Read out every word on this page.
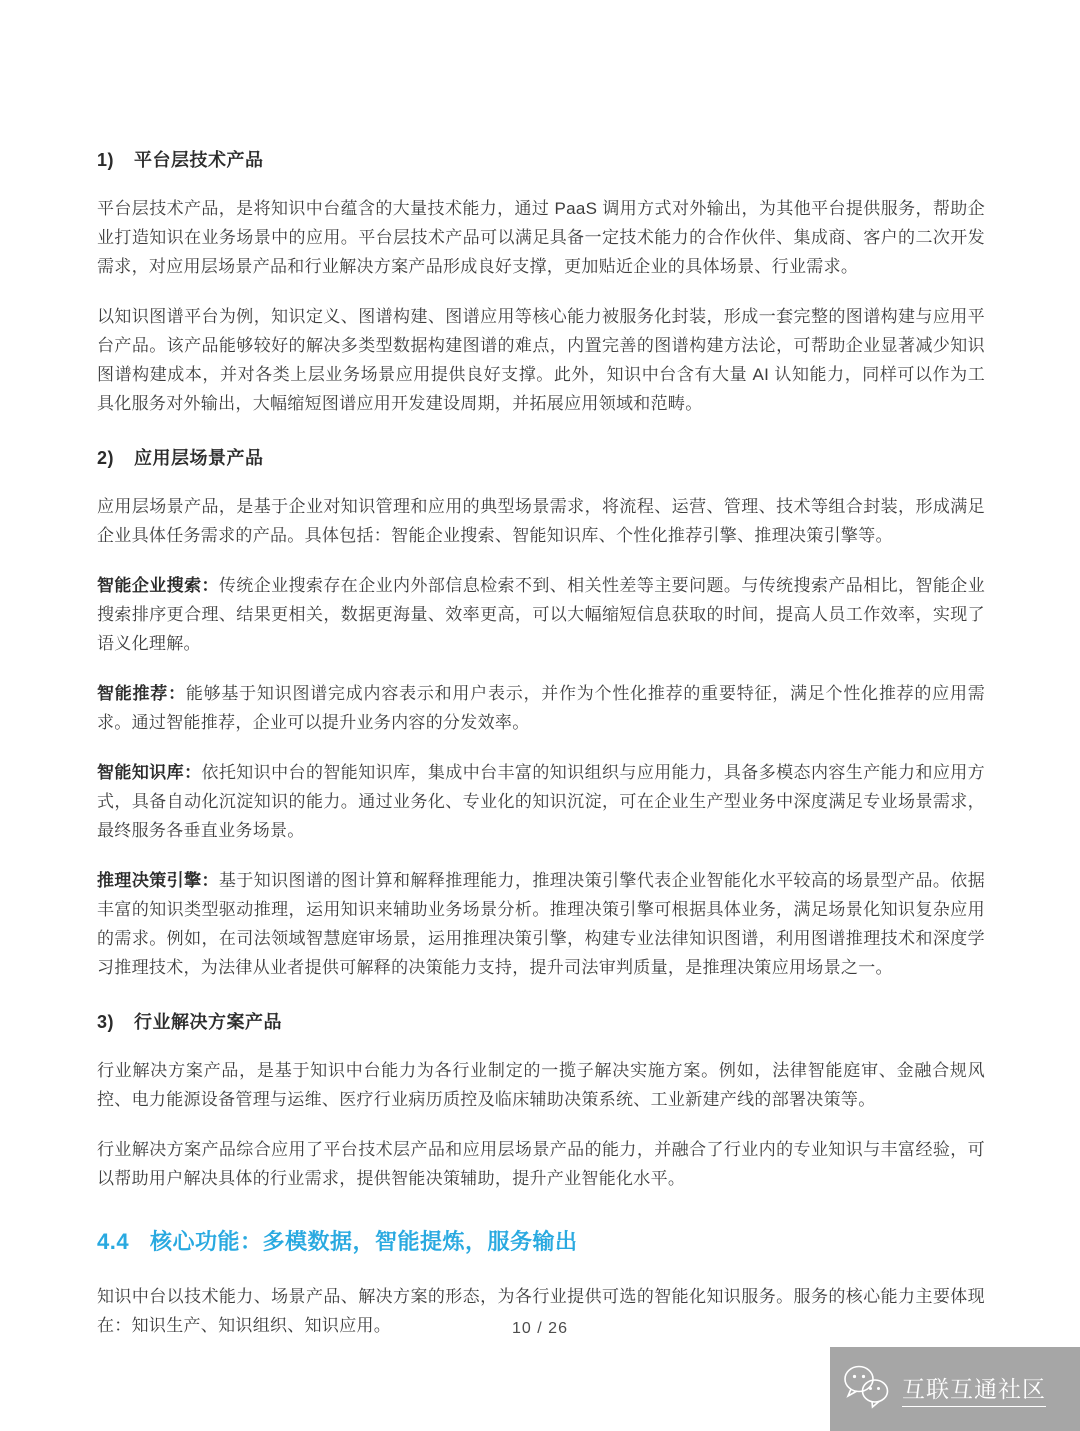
1) 平台层技术产品

平台层技术产品，是将知识中台蕴含的大量技术能力，通过 PaaS 调用方式对外输出，为其他平台提供服务，帮助企业打造知识在业务场景中的应用。平台层技术产品可以满足具备一定技术能力的合作伙伴、集成商、客户的二次开发需求，对应用层场景产品和行业解决方案产品形成良好支撑，更加贴近企业的具体场景、行业需求。

以知识图谱平台为例，知识定义、图谱构建、图谱应用等核心能力被服务化封装，形成一套完整的图谱构建与应用平台产品。该产品能够较好的解决多类型数据构建图谱的难点，内置完善的图谱构建方法论，可帮助企业显著减少知识图谱构建成本，并对各类上层业务场景应用提供良好支撑。此外，知识中台含有大量 AI 认知能力，同样可以作为工具化服务对外输出，大幅缩短图谱应用开发建设周期，并拓展应用领域和范畴。

2) 应用层场景产品

应用层场景产品，是基于企业对知识管理和应用的典型场景需求，将流程、运营、管理、技术等组合封装，形成满足企业具体任务需求的产品。具体包括：智能企业搜索、智能知识库、个性化推荐引擎、推理决策引擎等。

智能企业搜索：传统企业搜索存在企业内外部信息检索不到、相关性差等主要问题。与传统搜索产品相比，智能企业搜索排序更合理、结果更相关，数据更海量、效率更高，可以大幅缩短信息获取的时间，提高人员工作效率，实现了语义化理解。

智能推荐：能够基于知识图谱完成内容表示和用户表示，并作为个性化推荐的重要特征，满足个性化推荐的应用需求。通过智能推荐，企业可以提升业务内容的分发效率。

智能知识库：依托知识中台的智能知识库，集成中台丰富的知识组织与应用能力，具备多模态内容生产能力和应用方式，具备自动化沉淀知识的能力。通过业务化、专业化的知识沉淀，可在企业生产型业务中深度满足专业场景需求，最终服务各垂直业务场景。

推理决策引擎：基于知识图谱的图计算和解释推理能力，推理决策引擎代表企业智能化水平较高的场景型产品。依据丰富的知识类型驱动推理，运用知识来辅助业务场景分析。推理决策引擎可根据具体业务，满足场景化知识复杂应用的需求。例如，在司法领域智慧庭审场景，运用推理决策引擎，构建专业法律知识图谱，利用图谱推理技术和深度学习推理技术，为法律从业者提供可解释的决策能力支持，提升司法审判质量，是推理决策应用场景之一。

3) 行业解决方案产品

行业解决方案产品，是基于知识中台能力为各行业制定的一揽子解决实施方案。例如，法律智能庭审、金融合规风控、电力能源设备管理与运维、医疗行业病历质控及临床辅助决策系统、工业新建产线的部署决策等。

行业解决方案产品综合应用了平台技术层产品和应用层场景产品的能力，并融合了行业内的专业知识与丰富经验，可以帮助用户解决具体的行业需求，提供智能决策辅助，提升产业智能化水平。

4.4 核心功能：多模数据，智能提炼，服务输出

知识中台以技术能力、场景产品、解决方案的形态，为各行业提供可选的智能化知识服务。服务的核心能力主要体现在：知识生产、知识组织、知识应用。	10 / 26
互联互通社区
